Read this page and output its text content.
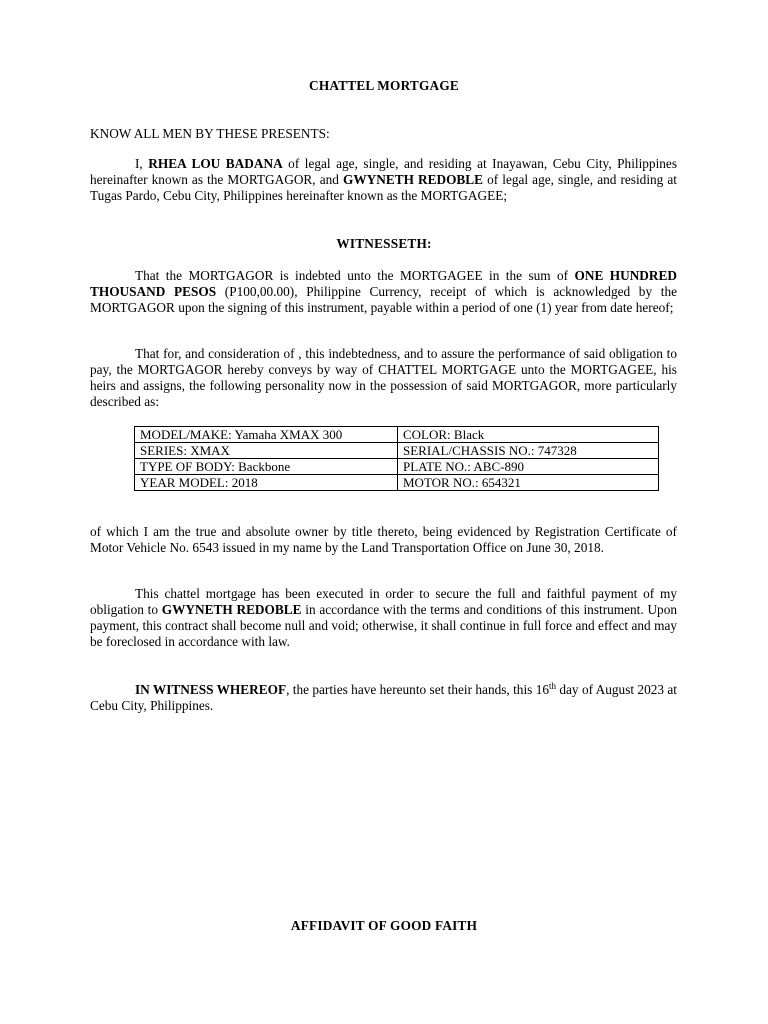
CHATTEL MORTGAGE
KNOW ALL MEN BY THESE PRESENTS:

I, RHEA LOU BADANA of legal age, single, and residing at Inayawan, Cebu City, Philippines hereinafter known as the MORTGAGOR, and GWYNETH REDOBLE of legal age, single, and residing at Tugas Pardo, Cebu City, Philippines hereinafter known as the MORTGAGEE;

WITNESSETH:

That the MORTGAGOR is indebted unto the MORTGAGEE in the sum of ONE HUNDRED THOUSAND PESOS (P100,00.00), Philippine Currency, receipt of which is acknowledged by the MORTGAGOR upon the signing of this instrument, payable within a period of one (1) year from date hereof;

That for, and consideration of , this indebtedness, and to assure the performance of said obligation to pay, the MORTGAGOR hereby conveys by way of CHATTEL MORTGAGE unto the MORTGAGEE, his heirs and assigns, the following personality now in the possession of said MORTGAGOR, more particularly described as:

MODEL/MAKE: Yamaha XMAX 300	COLOR: Black
SERIES: XMAX	SERIAL/CHASSIS NO.: 747328
TYPE OF BODY: Backbone	PLATE NO.: ABC-890
YEAR MODEL: 2018	MOTOR NO.: 654321

of which I am the true and absolute owner by title thereto, being evidenced by Registration Certificate of Motor Vehicle No. 6543 issued in my name by the Land Transportation Office on June 30, 2018.

This chattel mortgage has been executed in order to secure the full and faithful payment of my obligation to GWYNETH REDOBLE in accordance with the terms and conditions of this instrument. Upon payment, this contract shall become null and void; otherwise, it shall continue in full force and effect and may be foreclosed in accordance with law.

IN WITNESS WHEREOF, the parties have hereunto set their hands, this 16th day of August 2023 at Cebu City, Philippines.

AFFIDAVIT OF GOOD FAITH
